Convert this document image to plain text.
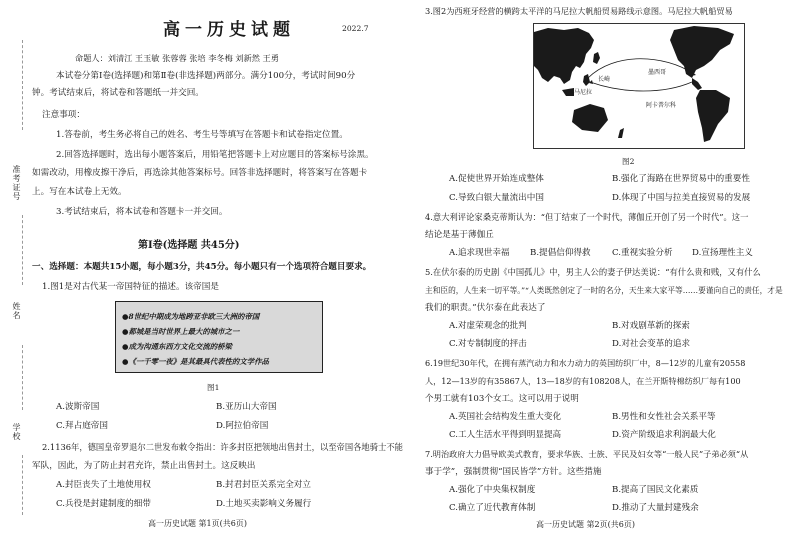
准考证号
姓名
学校
高一历史试题	2022.7
命题人：刘清江 王玉敏 张蓉蓉 张培 李冬梅 刘新然 王勇
本试卷分第Ⅰ卷(选择题)和第Ⅱ卷(非选择题)两部分。满分100分，考试时间90分
钟。考试结束后，将试卷和答题纸一并交回。
注意事项：
1.答卷前，考生务必将自己的姓名、考生号等填写在答题卡和试卷指定位置。
2.回答选择题时，选出每小题答案后，用铅笔把答题卡上对应题目的答案标号涂黑。
如需改动，用橡皮擦干净后，再选涂其他答案标号。回答非选择题时，将答案写在答题卡
上。写在本试卷上无效。
3.考试结束后，将本试卷和答题卡一并交回。
第Ⅰ卷(选择题 共45分)
一、选择题：本题共15小题，每小题3分，共45分。每小题只有一个选项符合题目要求。
1.图1是对古代某一帝国特征的描述。该帝国是
●8世纪中期成为地跨亚非欧三大洲的帝国
●都城是当时世界上最大的城市之一
●成为沟通东西方文化交流的桥梁
●《一千零一夜》是其最具代表性的文学作品
图1
A.波斯帝国	B.亚历山大帝国
C.拜占庭帝国	D.阿拉伯帝国
2.1136年，德国皇帝罗退尔二世发布敕令指出：许多封臣把领地出售封土，以至帝国各地骑士不能
军队，因此，为了防止封君充许，禁止出售封土。这反映出
A.封臣丧失了土地使用权	B.封君封臣关系完全对立
C.兵役是封建制度的细带	D.土地买卖影响义务履行
高一历史试题 第1页(共6页)
3.图2为西班牙经营的横跨太平洋的马尼拉大帆船贸易路线示意图。马尼拉大帆船贸易
长崎
墨西哥
马尼拉
阿卡普尔科
图2
A.促使世界开始连成整体	B.强化了海路在世界贸易中的重要性
C.导致白银大量流出中国	D.体现了中国与拉美直接贸易的发展
4.意大利评论家桑克蒂斯认为：“但丁结束了一个时代，薄伽丘开创了另一个时代”。这一
结论是基于薄伽丘
A.追求现世幸福 B.提倡信仰得救 C.重视实验分析 D.宣扬理性主义
5.在伏尔泰的历史剧《中国孤儿》中，男主人公的妻子伊达美说：“有什么贵和贱，又有什么
主和臣的，人生来一切平等。”“人类既然创定了一时的名分，天生来大家平等……要谨向自己的责任，才是
我们的职责。”伏尔泰在此表达了
A.对虚荣观念的批判	B.对戏剧革新的探索
C.对专制制度的抨击	D.对社会变革的追求
6.19世纪30年代，在拥有蒸汽动力和水力动力的英国纺织厂中，8—12岁的儿童有20558
人，12—13岁的有35867人，13—18岁的有108208人，在兰开斯特棉纺织厂每有100
个男工就有103个女工。这可以用于说明
A.英国社会结构发生重大变化	B.男性和女性社会关系平等
C.工人生活水平得到明显提高	D.资产阶级追求利润最大化
7.明治政府大力倡导欧美式教育，要求华族、士族、平民及妇女等“一般人民”子弟必须“从
事于学”，强制贯彻“国民皆学”方针。这些措施
A.强化了中央集权制度	B.提高了国民文化素质
C.确立了近代教育体制	D.推动了大量封建残余
高一历史试题 第2页(共6页)
